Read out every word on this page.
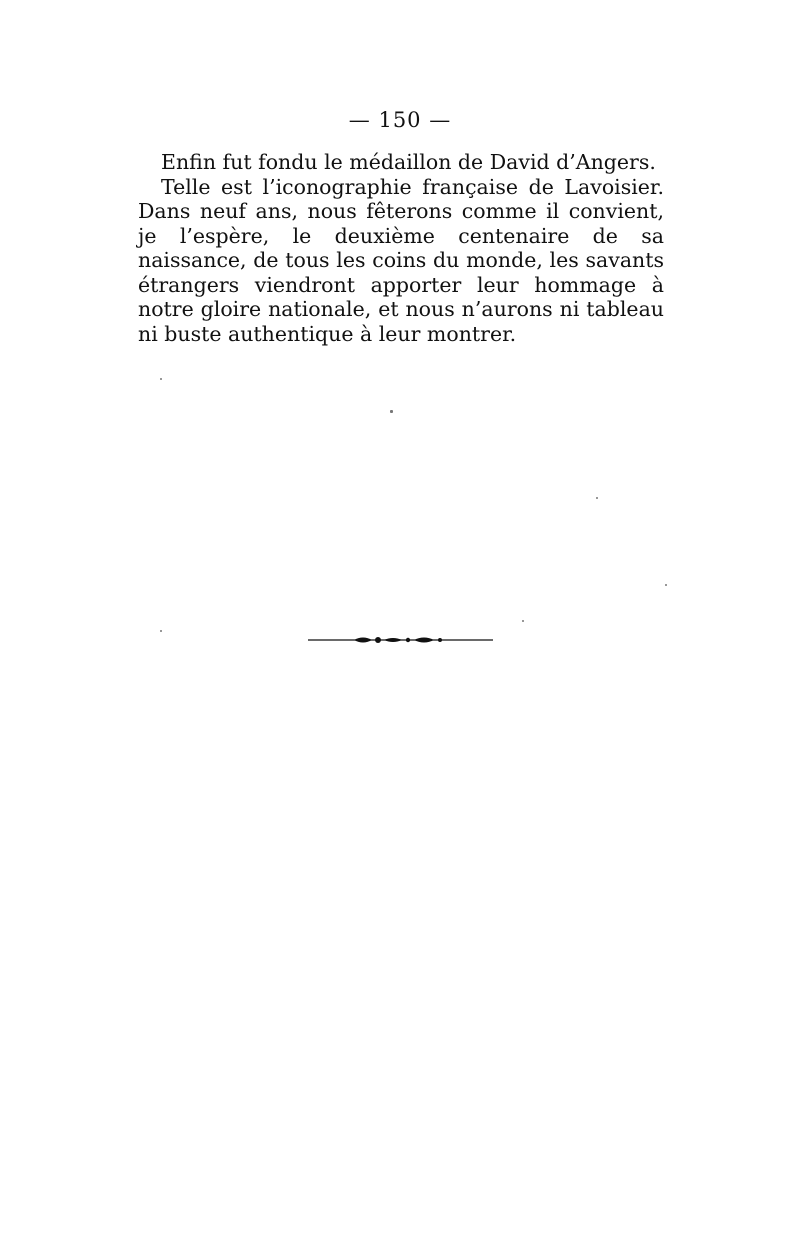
— 150 —

Enfin fut fondu le médaillon de David d’Angers.

Telle est l’iconographie française de Lavoisier. Dans neuf ans, nous fêterons comme il convient, je l’espère, le deuxième centenaire de sa naissance, de tous les coins du monde, les savants étrangers viendront apporter leur hommage à notre gloire nationale, et nous n’aurons ni tableau ni buste authentique à leur montrer.
